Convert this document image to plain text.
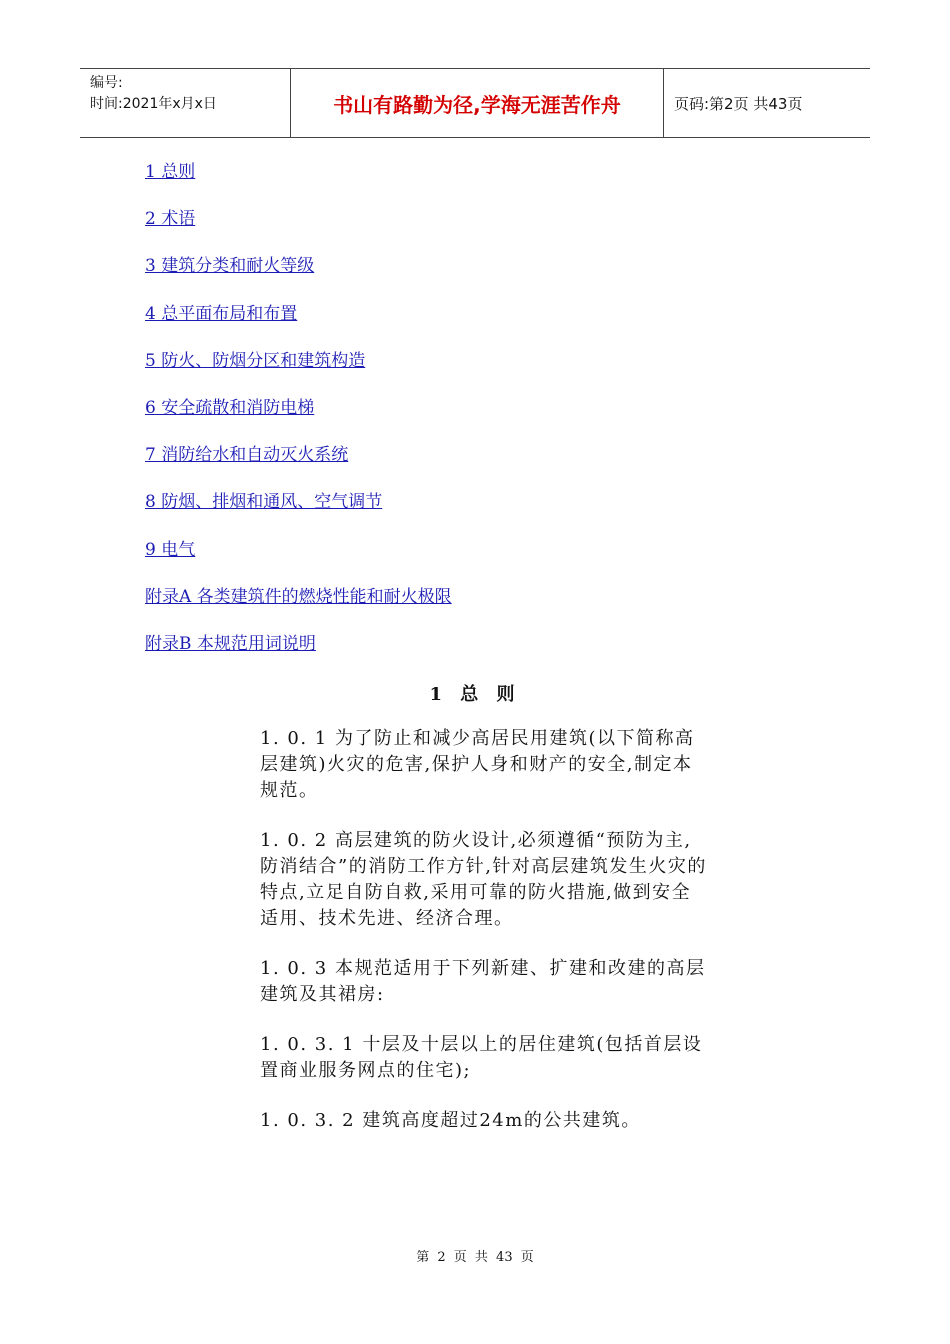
编号:
时间:2021年x月x日	书山有路勤为径,学海无涯苦作舟	页码:第2页 共43页
1 总则
2 术语
3 建筑分类和耐火等级
4 总平面布局和布置
5 防火、防烟分区和建筑构造
6 安全疏散和消防电梯
7 消防给水和自动灭火系统
8 防烟、排烟和通风、空气调节
9 电气
附录A 各类建筑件的燃烧性能和耐火极限
附录B 本规范用词说明
1 总 则

1. 0. 1 为了防止和减少高居民用建筑(以下简称高层建筑)火灾的危害,保护人身和财产的安全,制定本规范。

1. 0. 2 高层建筑的防火设计,必须遵循“预防为主, 防消结合”的消防工作方针,针对高层建筑发生火灾的特点,立足自防自救,采用可靠的防火措施,做到安全适用、技术先进、经济合理。

1. 0. 3 本规范适用于下列新建、扩建和改建的高层建筑及其裙房:

1. 0. 3. 1 十层及十层以上的居住建筑(包括首层设置商业服务网点的住宅);

1. 0. 3. 2 建筑高度超过24m的公共建筑。

第 2 页 共 43 页
